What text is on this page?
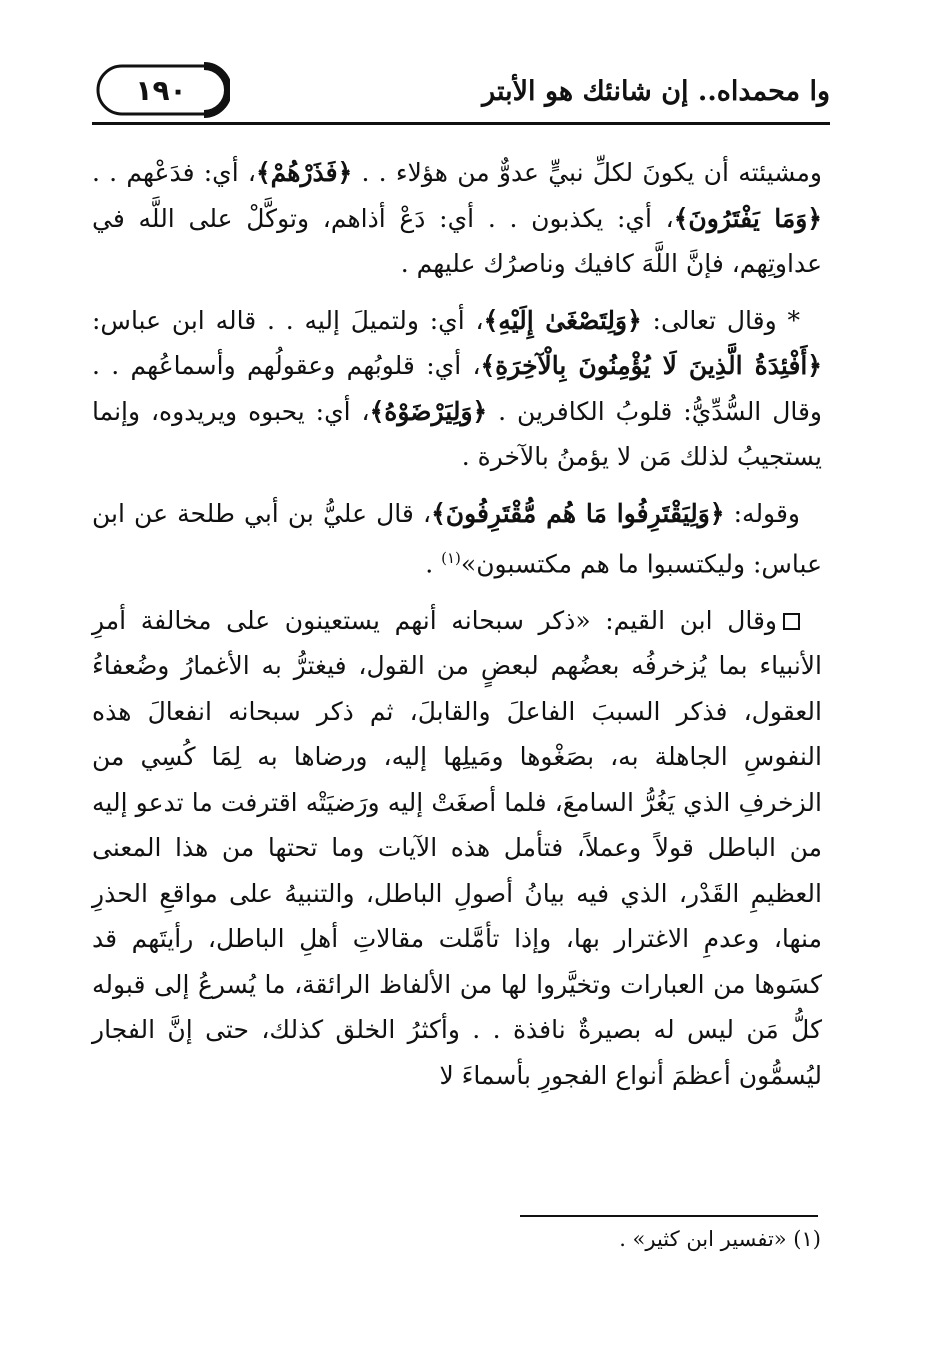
وا محمداه.. إن شانئك هو الأبتر
١٩٠

ومشيئته أن يكونَ لكلِّ نبيٍّ عدوٌّ من هؤلاء . . ﴿فَذَرْهُمْ﴾، أي: فدَعْهم . . ﴿وَمَا يَفْتَرُونَ﴾، أي: يكذبون . . أي: دَعْ أذاهم، وتوكَّلْ على اللَّه في عداوتِهم، فإنَّ اللَّهَ كافيك وناصرُك عليهم .

* وقال تعالى: ﴿وَلِتَصْغَىٰ إِلَيْهِ﴾، أي: ولتميلَ إليه . . قاله ابن عباس: ﴿أَفْئِدَةُ الَّذِينَ لَا يُؤْمِنُونَ بِالْآخِرَةِ﴾، أي: قلوبُهم وعقولُهم وأسماعُهم . . وقال السُّدِّيُّ: قلوبُ الكافرين . ﴿وَلِيَرْضَوْهُ﴾، أي: يحبوه ويريدوه، وإنما يستجيبُ لذلك مَن لا يؤمنُ بالآخرة .

وقوله: ﴿وَلِيَقْتَرِفُوا مَا هُم مُّقْتَرِفُونَ﴾، قال عليُّ بن أبي طلحة عن ابن عباس: وليكتسبوا ما هم مكتسبون»$^{(١)}$ .

وقال ابن القيم: «ذكر سبحانه أنهم يستعينون على مخالفة أمرِ الأنبياء بما يُزخرفُه بعضُهم لبعضٍ من القول، فيغترُّ به الأغمارُ وضُعفاءُ العقول، فذكر السببَ الفاعلَ والقابلَ، ثم ذكر سبحانه انفعالَ هذه النفوسِ الجاهلة به، بصَغْوها ومَيلِها إليه، ورضاها به لِمَا كُسِي من الزخرفِ الذي يَغُرُّ السامعَ، فلما أصغَتْ إليه ورَضيَتْه اقترفت ما تدعو إليه من الباطل قولاً وعملاً، فتأمل هذه الآيات وما تحتها من هذا المعنى العظيمِ القَدْر، الذي فيه بيانُ أصولِ الباطل، والتنبيهُ على مواقعِ الحذرِ منها، وعدمِ الاغترار بها، وإذا تأمَّلت مقالاتِ أهلِ الباطل، رأيتَهم قد كسَوها من العبارات وتخيَّروا لها من الألفاظ الرائقة، ما يُسرعُ إلى قبوله كلُّ مَن ليس له بصيرةٌ نافذة . . وأكثرُ الخلق كذلك، حتى إنَّ الفجار ليُسمُّون أعظمَ أنواع الفجورِ بأسماءَ لا

(١) «تفسير ابن كثير» .
